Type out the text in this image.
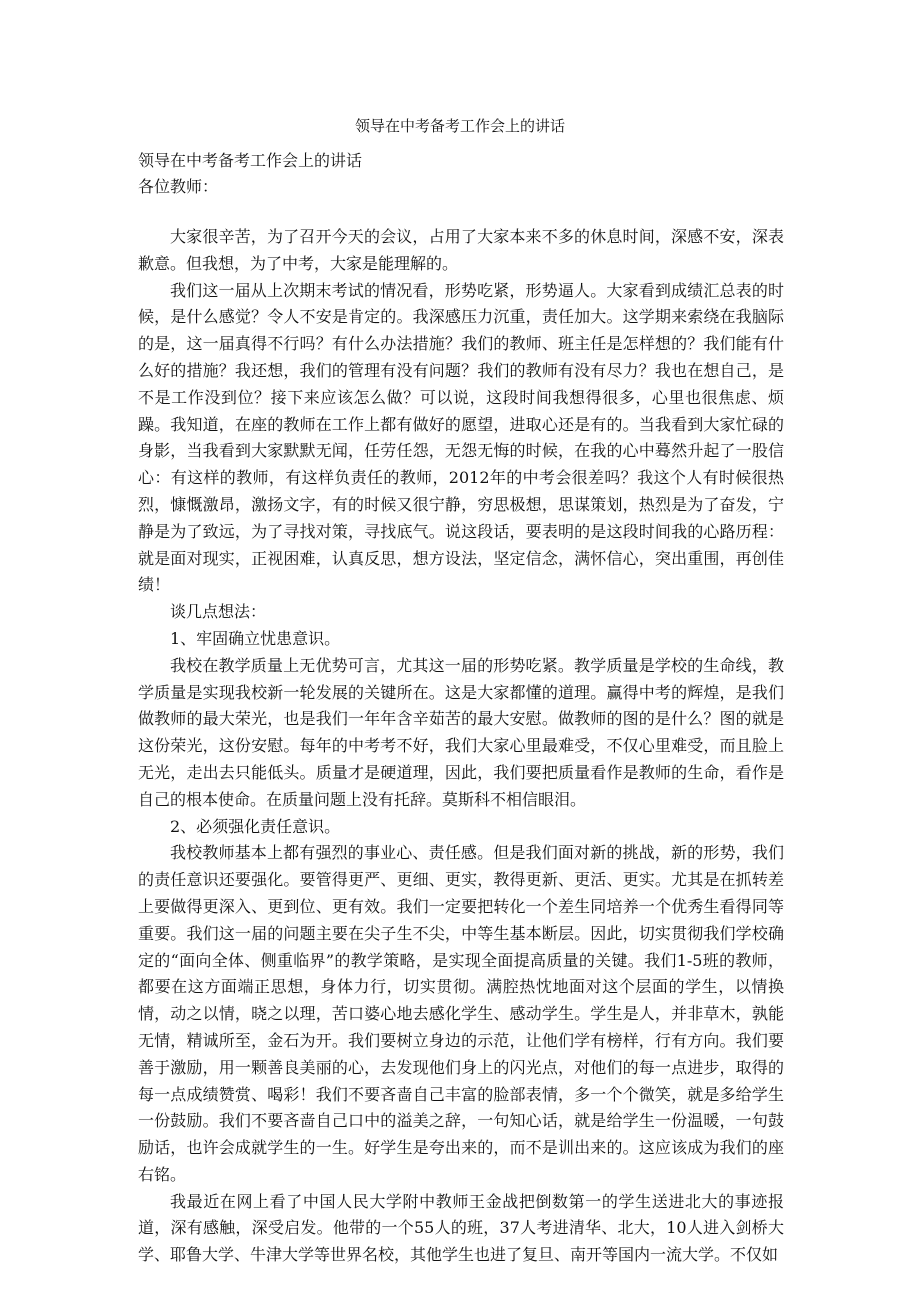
领导在中考备考工作会上的讲话
领导在中考备考工作会上的讲话
各位教师：

大家很辛苦，为了召开今天的会议，占用了大家本来不多的休息时间，深感不安，深表歉意。但我想，为了中考，大家是能理解的。

我们这一届从上次期末考试的情况看，形势吃紧，形势逼人。大家看到成绩汇总表的时候，是什么感觉？令人不安是肯定的。我深感压力沉重，责任加大。这学期来索绕在我脑际的是，这一届真得不行吗？有什么办法措施？我们的教师、班主任是怎样想的？我们能有什么好的措施？我还想，我们的管理有没有问题？我们的教师有没有尽力？我也在想自己，是不是工作没到位？接下来应该怎么做？可以说，这段时间我想得很多，心里也很焦虑、烦躁。我知道，在座的教师在工作上都有做好的愿望，进取心还是有的。当我看到大家忙碌的身影，当我看到大家默默无闻，任劳任怨，无怨无悔的时候，在我的心中蓦然升起了一股信心：有这样的教师，有这样负责任的教师，2012年的中考会很差吗？我这个人有时候很热烈，慷慨激昂，激扬文字，有的时候又很宁静，穷思极想，思谋策划，热烈是为了奋发，宁静是为了致远，为了寻找对策，寻找底气。说这段话，要表明的是这段时间我的心路历程：就是面对现实，正视困难，认真反思，想方设法，坚定信念，满怀信心，突出重围，再创佳绩！

谈几点想法：

1、牢固确立忧患意识。

我校在教学质量上无优势可言，尤其这一届的形势吃紧。教学质量是学校的生命线，教学质量是实现我校新一轮发展的关键所在。这是大家都懂的道理。赢得中考的辉煌，是我们做教师的最大荣光，也是我们一年年含辛茹苦的最大安慰。做教师的图的是什么？图的就是这份荣光，这份安慰。每年的中考考不好，我们大家心里最难受，不仅心里难受，而且脸上无光，走出去只能低头。质量才是硬道理，因此，我们要把质量看作是教师的生命，看作是自己的根本使命。在质量问题上没有托辞。莫斯科不相信眼泪。

2、必须强化责任意识。

我校教师基本上都有强烈的事业心、责任感。但是我们面对新的挑战，新的形势，我们的责任意识还要强化。要管得更严、更细、更实，教得更新、更活、更实。尤其是在抓转差上要做得更深入、更到位、更有效。我们一定要把转化一个差生同培养一个优秀生看得同等重要。我们这一届的问题主要在尖子生不尖，中等生基本断层。因此，切实贯彻我们学校确定的“面向全体、侧重临界”的教学策略，是实现全面提高质量的关键。我们1-5班的教师，都要在这方面端正思想，身体力行，切实贯彻。满腔热忱地面对这个层面的学生，以情换情，动之以情，晓之以理，苦口婆心地去感化学生、感动学生。学生是人，并非草木，孰能无情，精诚所至，金石为开。我们要树立身边的示范，让他们学有榜样，行有方向。我们要善于激励，用一颗善良美丽的心，去发现他们身上的闪光点，对他们的每一点进步，取得的每一点成绩赞赏、喝彩！我们不要吝啬自己丰富的脸部表情，多一个个微笑，就是多给学生一份鼓励。我们不要吝啬自己口中的溢美之辞，一句知心话，就是给学生一份温暖，一句鼓励话，也许会成就学生的一生。好学生是夸出来的，而不是训出来的。这应该成为我们的座右铭。

我最近在网上看了中国人民大学附中教师王金战把倒数第一的学生送进北大的事迹报道，深有感触，深受启发。他带的一个55人的班，37人考进清华、北大，10人进入剑桥大学、耶鲁大学、牛津大学等世界名校，其他学生也进了复旦、南开等国内一流大学。不仅如
